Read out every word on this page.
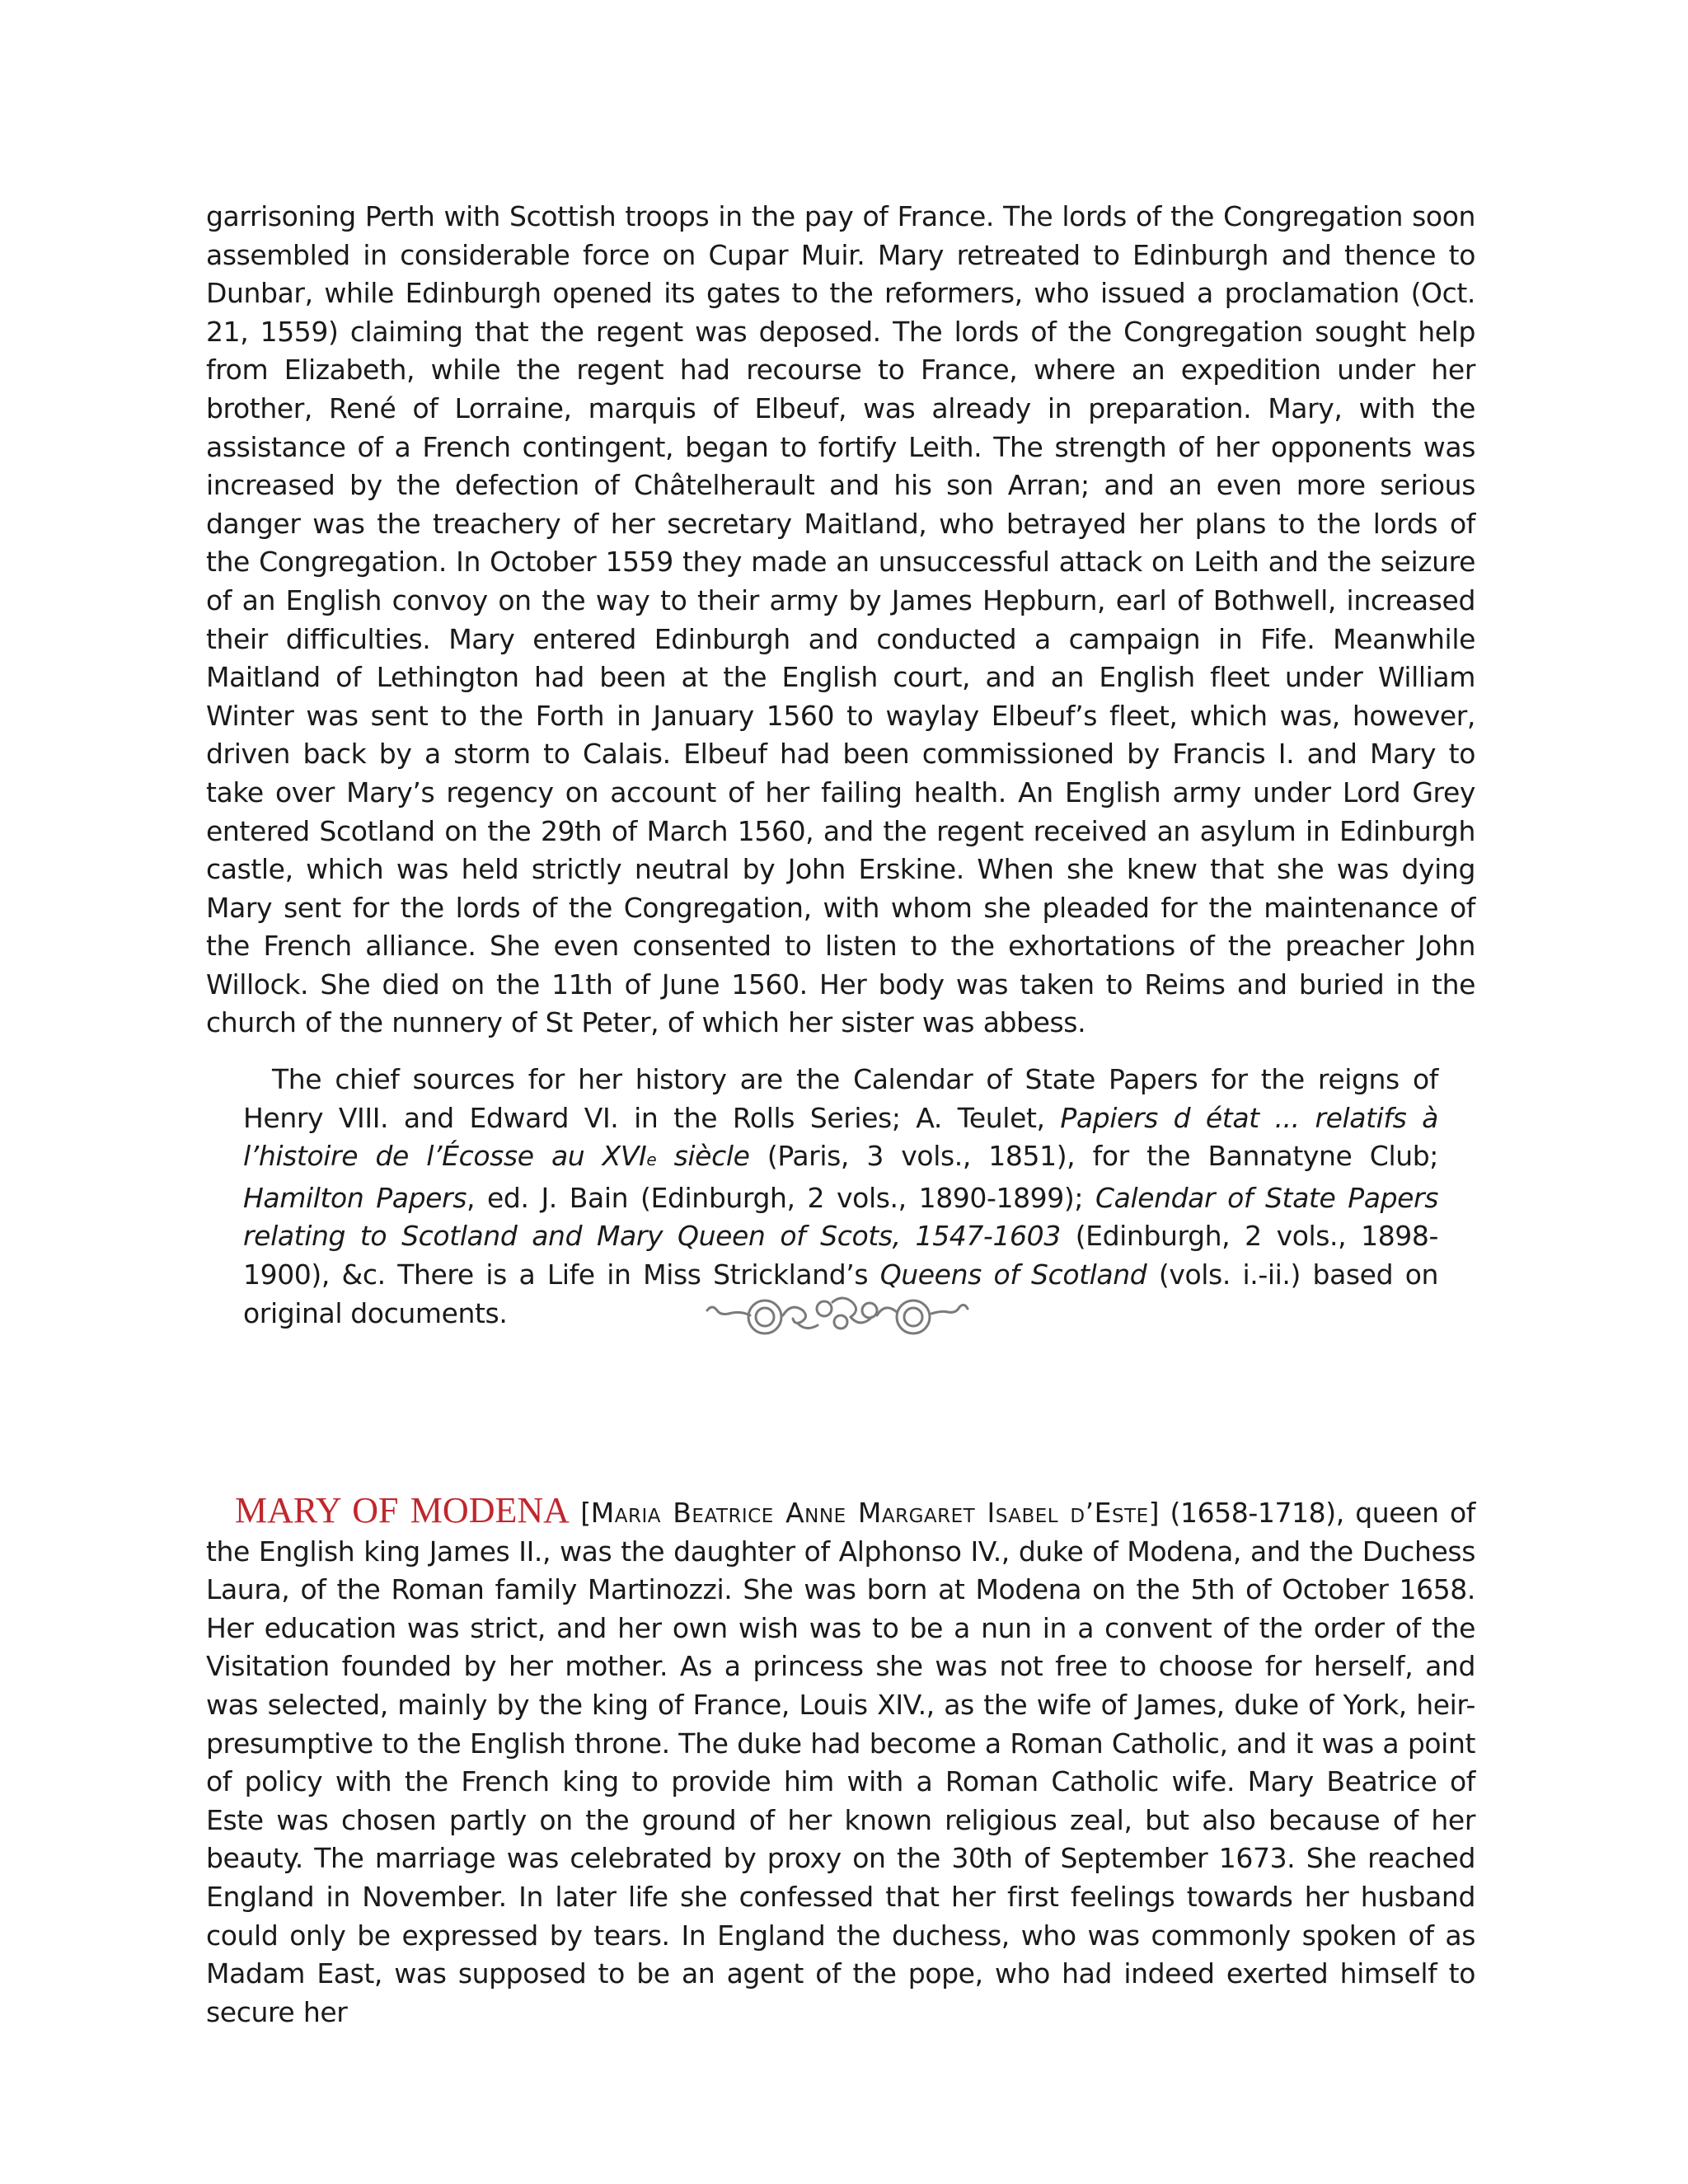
garrisoning Perth with Scottish troops in the pay of France. The lords of the Congregation soon assembled in considerable force on Cupar Muir. Mary retreated to Edinburgh and thence to Dunbar, while Edinburgh opened its gates to the reformers, who issued a proclamation (Oct. 21, 1559) claiming that the regent was deposed. The lords of the Congregation sought help from Elizabeth, while the regent had recourse to France, where an expedition under her brother, René of Lorraine, marquis of Elbeuf, was already in preparation. Mary, with the assistance of a French contingent, began to fortify Leith. The strength of her opponents was increased by the defection of Châtelherault and his son Arran; and an even more serious danger was the treachery of her secretary Maitland, who betrayed her plans to the lords of the Congregation. In October 1559 they made an unsuccessful attack on Leith and the seizure of an English convoy on the way to their army by James Hepburn, earl of Bothwell, increased their difficulties. Mary entered Edinburgh and conducted a campaign in Fife. Meanwhile Maitland of Lethington had been at the English court, and an English fleet under William Winter was sent to the Forth in January 1560 to waylay Elbeuf’s fleet, which was, however, driven back by a storm to Calais. Elbeuf had been commissioned by Francis I. and Mary to take over Mary’s regency on account of her failing health. An English army under Lord Grey entered Scotland on the 29th of March 1560, and the regent received an asylum in Edinburgh castle, which was held strictly neutral by John Erskine. When she knew that she was dying Mary sent for the lords of the Congregation, with whom she pleaded for the maintenance of the French alliance. She even consented to listen to the exhortations of the preacher John Willock. She died on the 11th of June 1560. Her body was taken to Reims and buried in the church of the nunnery of St Peter, of which her sister was abbess.

The chief sources for her history are the Calendar of State Papers for the reigns of Henry VIII. and Edward VI. in the Rolls Series; A. Teulet, Papiers d état ... relatifs à l’histoire de l’Écosse au XVIe siècle (Paris, 3 vols., 1851), for the Bannatyne Club; Hamilton Papers, ed. J. Bain (Edinburgh, 2 vols., 1890-1899); Calendar of State Papers relating to Scotland and Mary Queen of Scots, 1547-1603 (Edinburgh, 2 vols., 1898-1900), &c. There is a Life in Miss Strickland’s Queens of Scotland (vols. i.-ii.) based on original documents.

MARY OF MODENA [Maria Beatrice Anne Margaret Isabel d’Este] (1658-1718), queen of the English king James II., was the daughter of Alphonso IV., duke of Modena, and the Duchess Laura, of the Roman family Martinozzi. She was born at Modena on the 5th of October 1658. Her education was strict, and her own wish was to be a nun in a convent of the order of the Visitation founded by her mother. As a princess she was not free to choose for herself, and was selected, mainly by the king of France, Louis XIV., as the wife of James, duke of York, heir-presumptive to the English throne. The duke had become a Roman Catholic, and it was a point of policy with the French king to provide him with a Roman Catholic wife. Mary Beatrice of Este was chosen partly on the ground of her known religious zeal, but also because of her beauty. The marriage was celebrated by proxy on the 30th of September 1673. She reached England in November. In later life she confessed that her first feelings towards her husband could only be expressed by tears. In England the duchess, who was commonly spoken of as Madam East, was supposed to be an agent of the pope, who had indeed exerted himself to secure her
